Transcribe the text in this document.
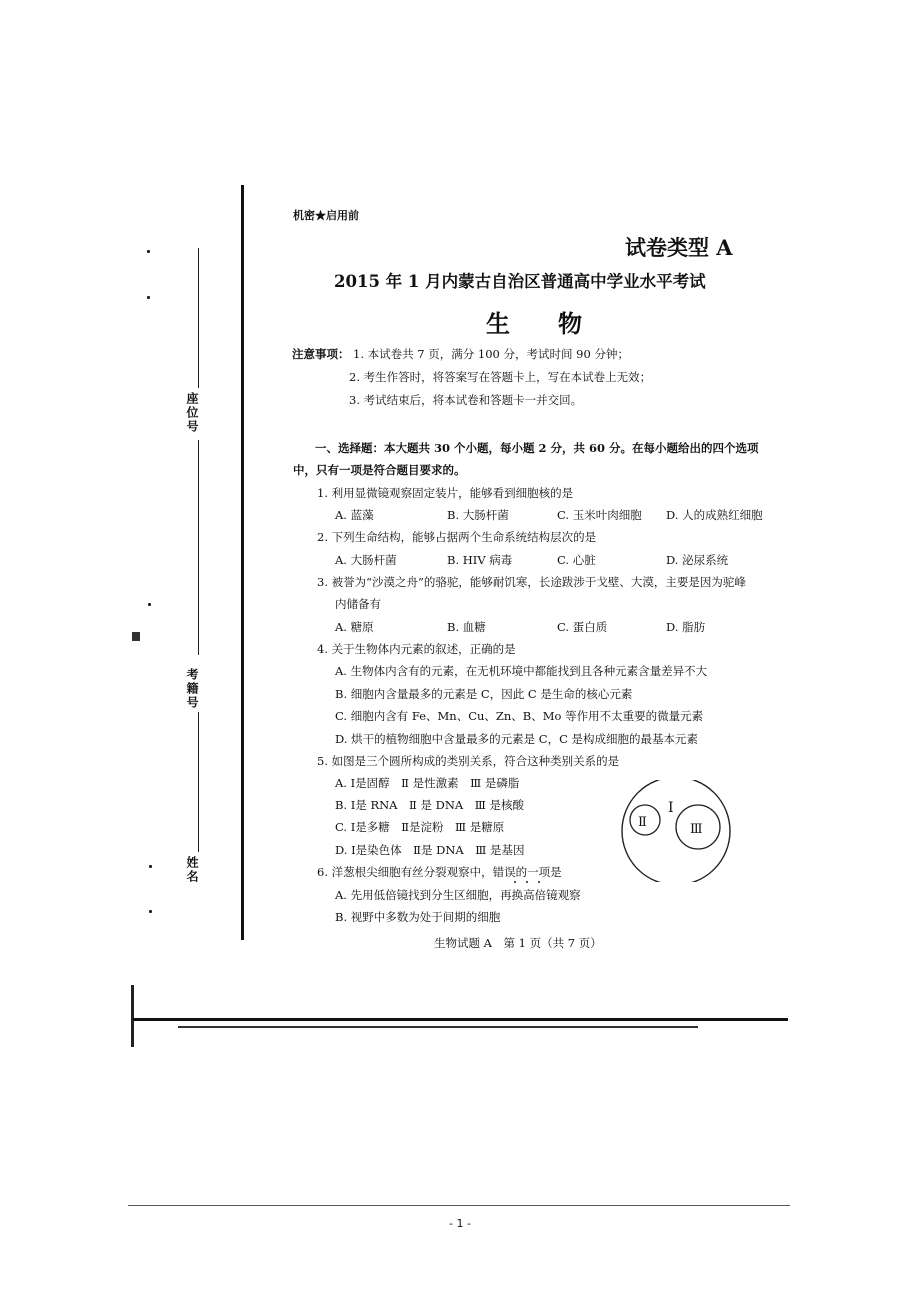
座位号
考籍号
姓名
机密★启用前
试卷类型 A
2015 年 1 月内蒙古自治区普通高中学业水平考试
生　　物
注意事项： 1. 本试卷共 7 页，满分 100 分，考试时间 90 分钟；
2. 考生作答时，将答案写在答题卡上，写在本试卷上无效；
3. 考试结束后，将本试卷和答题卡一并交回。
一、选择题：本大题共 30 个小题，每小题 2 分，共 60 分。在每小题给出的四个选项
中，只有一项是符合题目要求的。
1. 利用显微镜观察固定装片，能够看到细胞核的是
A. 蓝藻	B. 大肠杆菌	C. 玉米叶肉细胞 D. 人的成熟红细胞
2. 下列生命结构，能够占据两个生命系统结构层次的是
A. 大肠杆菌	B. HIV 病毒	C. 心脏	D. 泌尿系统
3. 被誉为“沙漠之舟”的骆驼，能够耐饥寒，长途跋涉于戈壁、大漠，主要是因为驼峰
内储备有
A. 糖原	B. 血糖	C. 蛋白质	D. 脂肪
4. 关于生物体内元素的叙述，正确的是
A. 生物体内含有的元素，在无机环境中都能找到且各种元素含量差异不大
B. 细胞内含量最多的元素是 C，因此 C 是生命的核心元素
C. 细胞内含有 Fe、Mn、Cu、Zn、B、Mo 等作用不太重要的微量元素
D. 烘干的植物细胞中含量最多的元素是 C，C 是构成细胞的最基本元素
5. 如图是三个圆所构成的类别关系，符合这种类别关系的是
A. Ⅰ是固醇　Ⅱ 是性激素　Ⅲ 是磷脂
B. Ⅰ是 RNA　Ⅱ 是 DNA　Ⅲ 是核酸
C. Ⅰ是多糖　Ⅱ是淀粉　Ⅲ 是糖原
D. Ⅰ是染色体　Ⅱ是 DNA　Ⅲ 是基因
Ⅰ
Ⅱ	Ⅲ
6. 洋葱根尖细胞有丝分裂观察中，错误的一项是
A. 先用低倍镜找到分生区细胞，再换高倍镜观察
B. 视野中多数为处于间期的细胞
生物试题 A　第 1 页（共 7 页）
- 1 -
